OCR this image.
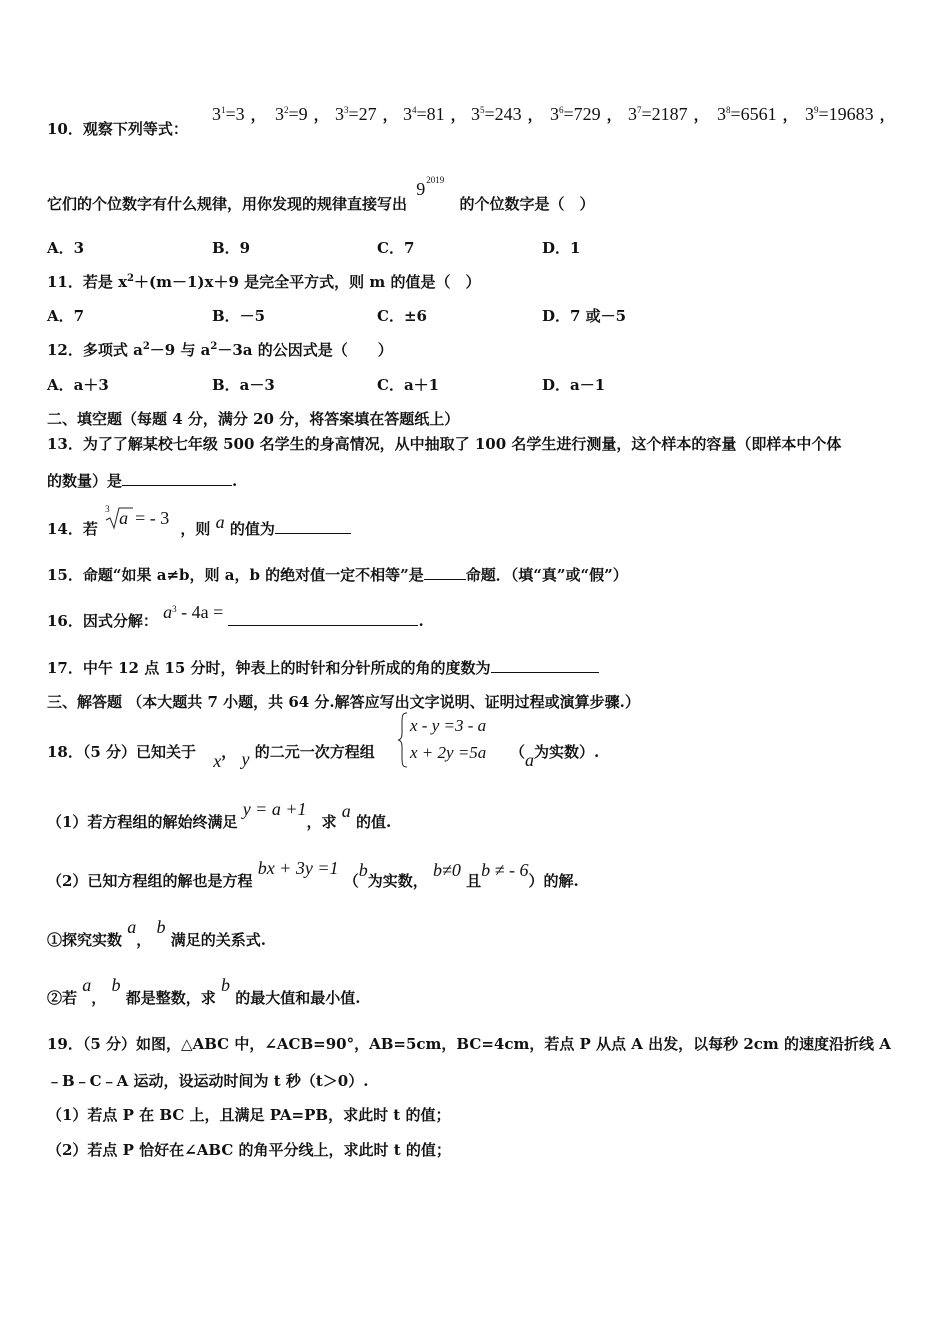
10．观察下列等式：
$3^1=3$ ， $3^2=9$ ， $3^3=27$ ， $3^4=81$ ， $3^5=243$ ， $3^6=729$ ， $3^7=2187$ ， $3^8=6561$ ， $3^9=19683$ ，
它们的个位数字有什么规律，用你发现的规律直接写出
9 2019
的个位数字是（　）
A．3	B．9	C．7	D．1
11．若是 $x^2+(m-1)x+9$ 是完全平方式，则 m 的值是（　）
A．7	B．－5	C．±6	D．7 或－5
12．多项式 $a^2-9$ 与 $a^2-3a$ 的公因式是（　　）
A．a＋3	B．a－3	C．a＋1	D．a－1
二、填空题（每题 4 分，满分 20 分，将答案填在答题纸上）
13．为了了解某校七年级 500 名学生的身高情况，从中抽取了 100 名学生进行测量，这个样本的容量（即样本中个体
的数量）是	.
14．若
3 a = - 3
，则 a 的值为
15．命题“如果 a≠b，则 a，b 的绝对值一定不相等”是	命题．（填“真”或“假”）
16．因式分解： $a^3 - 4a$ =	.
17．中午 12 点 15 分时，钟表上的时针和分针所成的角的度数为
三、解答题 （本大题共 7 小题，共 64 分.解答应写出文字说明、证明过程或演算步骤.）
18．（5 分）已知关于 x， y 的二元一次方程组
x - y =3 - a
x + 2y =5a （a为实数）.
（1）若方程组的解始终满足 y = a +1，求 a 的值.
（2）已知方程组的解也是方程 bx + 3y =1 （b为实数， b≠0 且b ≠ - 6）的解.
①探究实数 a， b 满足的关系式.
②若 a， b 都是整数，求 b 的最大值和最小值.
19．（5 分）如图，△ABC 中，∠ACB=90°，AB=5cm，BC=4cm，若点 P 从点 A 出发，以每秒 2cm 的速度沿折线 A
﹣B﹣C﹣A 运动，设运动时间为 t 秒（t＞0）.
（1）若点 P 在 BC 上，且满足 PA=PB，求此时 t 的值；
（2）若点 P 恰好在∠ABC 的角平分线上，求此时 t 的值；
